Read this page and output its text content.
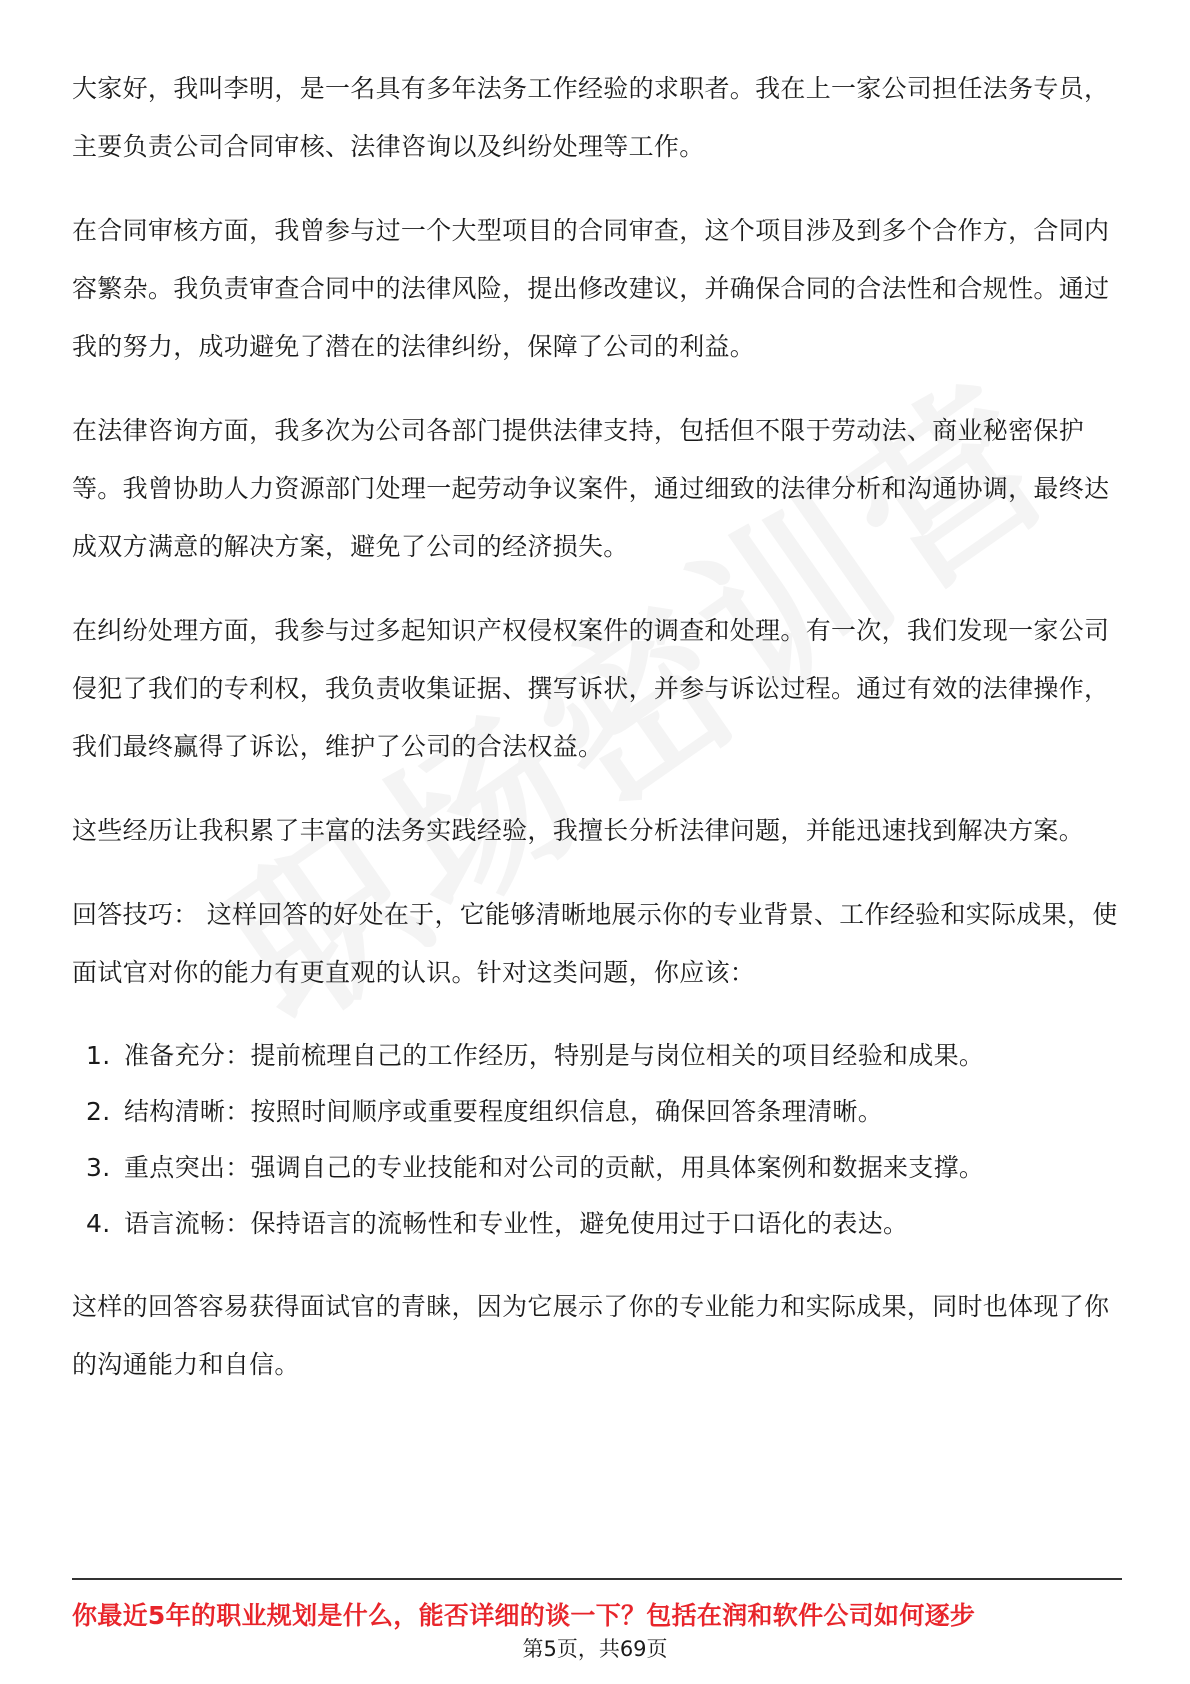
大家好，我叫李明，是一名具有多年法务工作经验的求职者。我在上一家公司担任法务专员，主要负责公司合同审核、法律咨询以及纠纷处理等工作。

在合同审核方面，我曾参与过一个大型项目的合同审查，这个项目涉及到多个合作方，合同内容繁杂。我负责审查合同中的法律风险，提出修改建议，并确保合同的合法性和合规性。通过我的努力，成功避免了潜在的法律纠纷，保障了公司的利益。

在法律咨询方面，我多次为公司各部门提供法律支持，包括但不限于劳动法、商业秘密保护等。我曾协助人力资源部门处理一起劳动争议案件，通过细致的法律分析和沟通协调，最终达成双方满意的解决方案，避免了公司的经济损失。

在纠纷处理方面，我参与过多起知识产权侵权案件的调查和处理。有一次，我们发现一家公司侵犯了我们的专利权，我负责收集证据、撰写诉状，并参与诉讼过程。通过有效的法律操作，我们最终赢得了诉讼，维护了公司的合法权益。

这些经历让我积累了丰富的法务实践经验，我擅长分析法律问题，并能迅速找到解决方案。

回答技巧： 这样回答的好处在于，它能够清晰地展示你的专业背景、工作经验和实际成果，使面试官对你的能力有更直观的认识。针对这类问题，你应该：

1. 准备充分：提前梳理自己的工作经历，特别是与岗位相关的项目经验和成果。
2. 结构清晰：按照时间顺序或重要程度组织信息，确保回答条理清晰。
3. 重点突出：强调自己的专业技能和对公司的贡献，用具体案例和数据来支撑。
4. 语言流畅：保持语言的流畅性和专业性，避免使用过于口语化的表达。

这样的回答容易获得面试官的青睐，因为它展示了你的专业能力和实际成果，同时也体现了你的沟通能力和自信。

你最近5年的职业规划是什么，能否详细的谈一下？包括在润和软件公司如何逐步
第5页，共69页
